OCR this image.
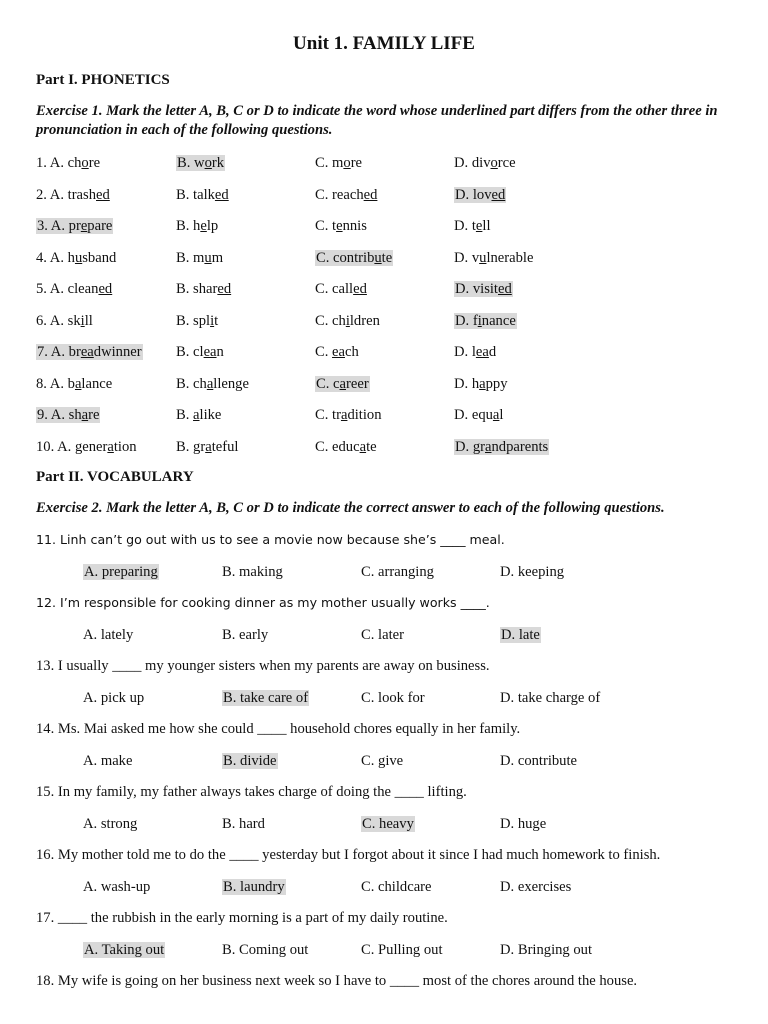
Unit 1. FAMILY LIFE

Part I. PHONETICS

Exercise 1. Mark the letter A, B, C or D to indicate the word whose underlined part differs from the other three in pronunciation in each of the following questions.

1. A. chore	B. work	C. more	D. divorce
2. A. trashed	B. talked	C. reached	D. loved
3. A. prepare	B. help	C. tennis	D. tell
4. A. husband	B. mum	C. contribute	D. vulnerable
5. A. cleaned	B. shared	C. called	D. visited
6. A. skill	B. split	C. children	D. finance
7. A. breadwinner B. clean	C. each	D. lead
8. A. balance	B. challenge	C. career	D. happy
9. A. share	B. alike	C. tradition	D. equal
10. A. generation	B. grateful	C. educate	D. grandparents

Part II. VOCABULARY

Exercise 2. Mark the letter A, B, C or D to indicate the correct answer to each of the following questions.

11. Linh can’t go out with us to see a movie now because she’s ____ meal.
A. preparing	B. making	C. arranging	D. keeping
12. I’m responsible for cooking dinner as my mother usually works ____.
A. lately	B. early	C. later	D. late
13. I usually ____ my younger sisters when my parents are away on business.
A. pick up	B. take care of	C. look for	D. take charge of
14. Ms. Mai asked me how she could ____ household chores equally in her family.
A. make	B. divide	C. give	D. contribute
15. In my family, my father always takes charge of doing the ____ lifting.
A. strong	B. hard	C. heavy	D. huge
16. My mother told me to do the ____ yesterday but I forgot about it since I had much homework to finish.
A. wash-up	B. laundry	C. childcare	D. exercises
17. ____ the rubbish in the early morning is a part of my daily routine.
A. Taking out	B. Coming out	C. Pulling out	D. Bringing out
18. My wife is going on her business next week so I have to ____ most of the chores around the house.
